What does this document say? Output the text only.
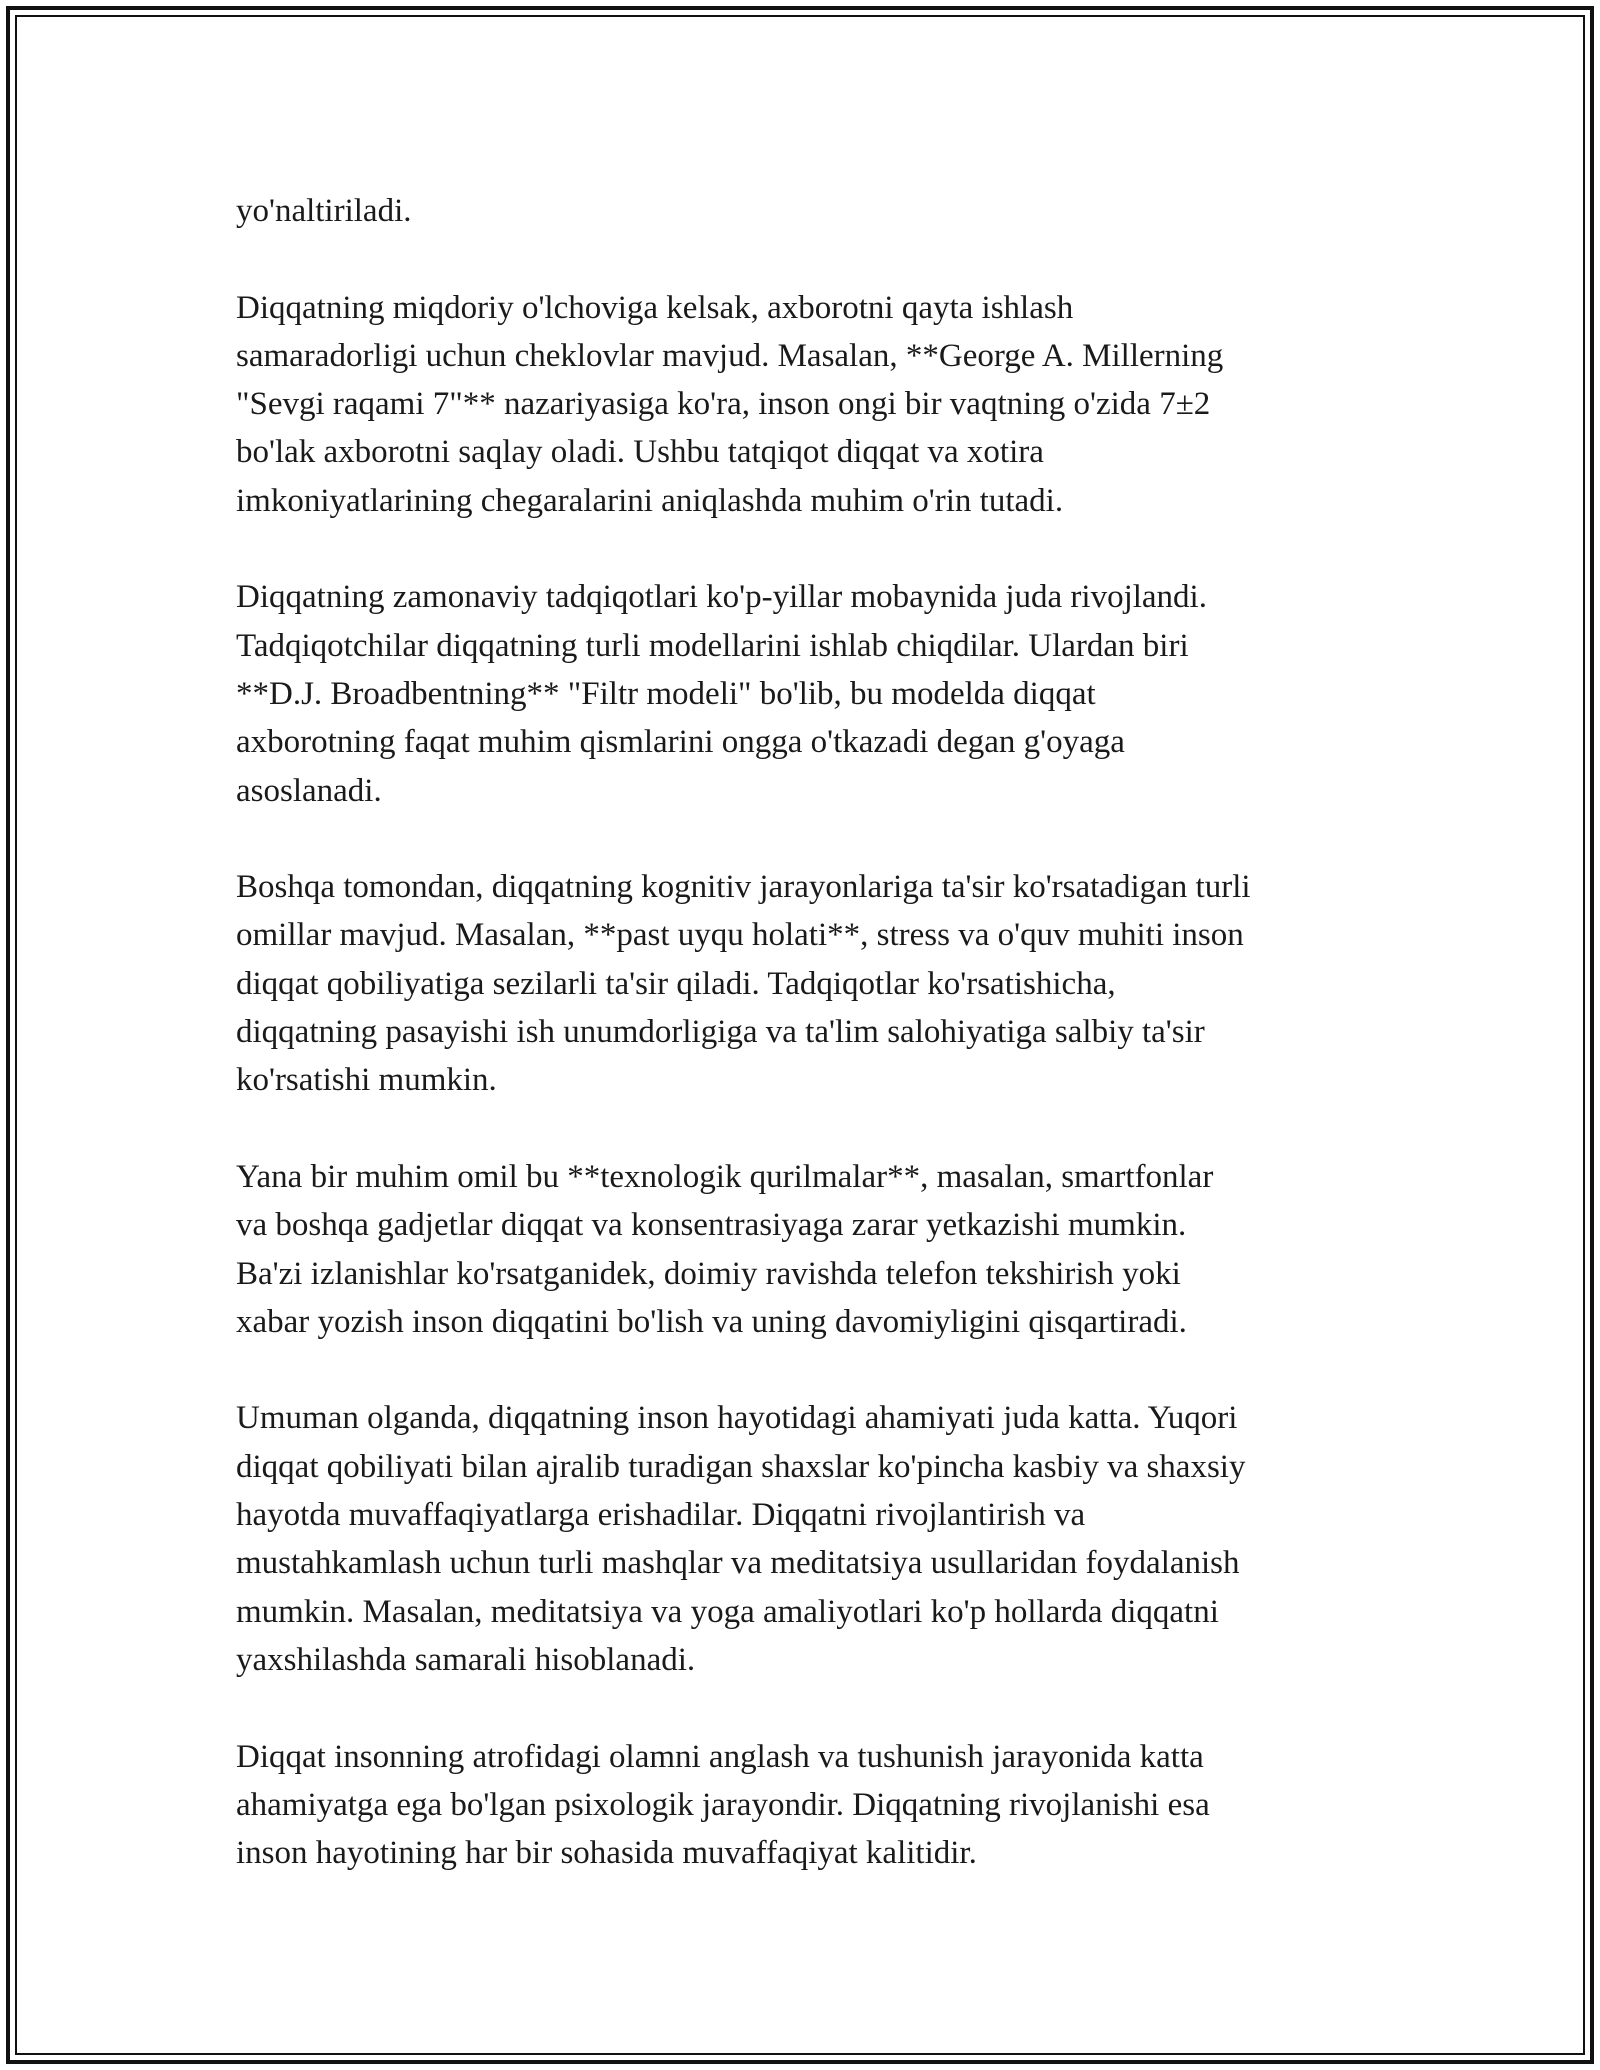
yo'naltiriladi.

Diqqatning miqdoriy o'lchoviga kelsak, axborotni qayta ishlash
samaradorligi uchun cheklovlar mavjud. Masalan, **George A. Millerning
"Sevgi raqami 7"** nazariyasiga ko'ra, inson ongi bir vaqtning o'zida 7±2
bo'lak axborotni saqlay oladi. Ushbu tatqiqot diqqat va xotira
imkoniyatlarining chegaralarini aniqlashda muhim o'rin tutadi.

Diqqatning zamonaviy tadqiqotlari ko'p-yillar mobaynida juda rivojlandi.
Tadqiqotchilar diqqatning turli modellarini ishlab chiqdilar. Ulardan biri
**D.J. Broadbentning** "Filtr modeli" bo'lib, bu modelda diqqat
axborotning faqat muhim qismlarini ongga o'tkazadi degan g'oyaga
asoslanadi.

Boshqa tomondan, diqqatning kognitiv jarayonlariga ta'sir ko'rsatadigan turli
omillar mavjud. Masalan, **past uyqu holati**, stress va o'quv muhiti inson
diqqat qobiliyatiga sezilarli ta'sir qiladi. Tadqiqotlar ko'rsatishicha,
diqqatning pasayishi ish unumdorligiga va ta'lim salohiyatiga salbiy ta'sir
ko'rsatishi mumkin.

Yana bir muhim omil bu **texnologik qurilmalar**, masalan, smartfonlar
va boshqa gadjetlar diqqat va konsentrasiyaga zarar yetkazishi mumkin.
Ba'zi izlanishlar ko'rsatganidek, doimiy ravishda telefon tekshirish yoki
xabar yozish inson diqqatini bo'lish va uning davomiyligini qisqartiradi.

Umuman olganda, diqqatning inson hayotidagi ahamiyati juda katta. Yuqori
diqqat qobiliyati bilan ajralib turadigan shaxslar ko'pincha kasbiy va shaxsiy
hayotda muvaffaqiyatlarga erishadilar. Diqqatni rivojlantirish va
mustahkamlash uchun turli mashqlar va meditatsiya usullaridan foydalanish
mumkin. Masalan, meditatsiya va yoga amaliyotlari ko'p hollarda diqqatni
yaxshilashda samarali hisoblanadi.

Diqqat insonning atrofidagi olamni anglash va tushunish jarayonida katta
ahamiyatga ega bo'lgan psixologik jarayondir. Diqqatning rivojlanishi esa
inson hayotining har bir sohasida muvaffaqiyat kalitidir.
